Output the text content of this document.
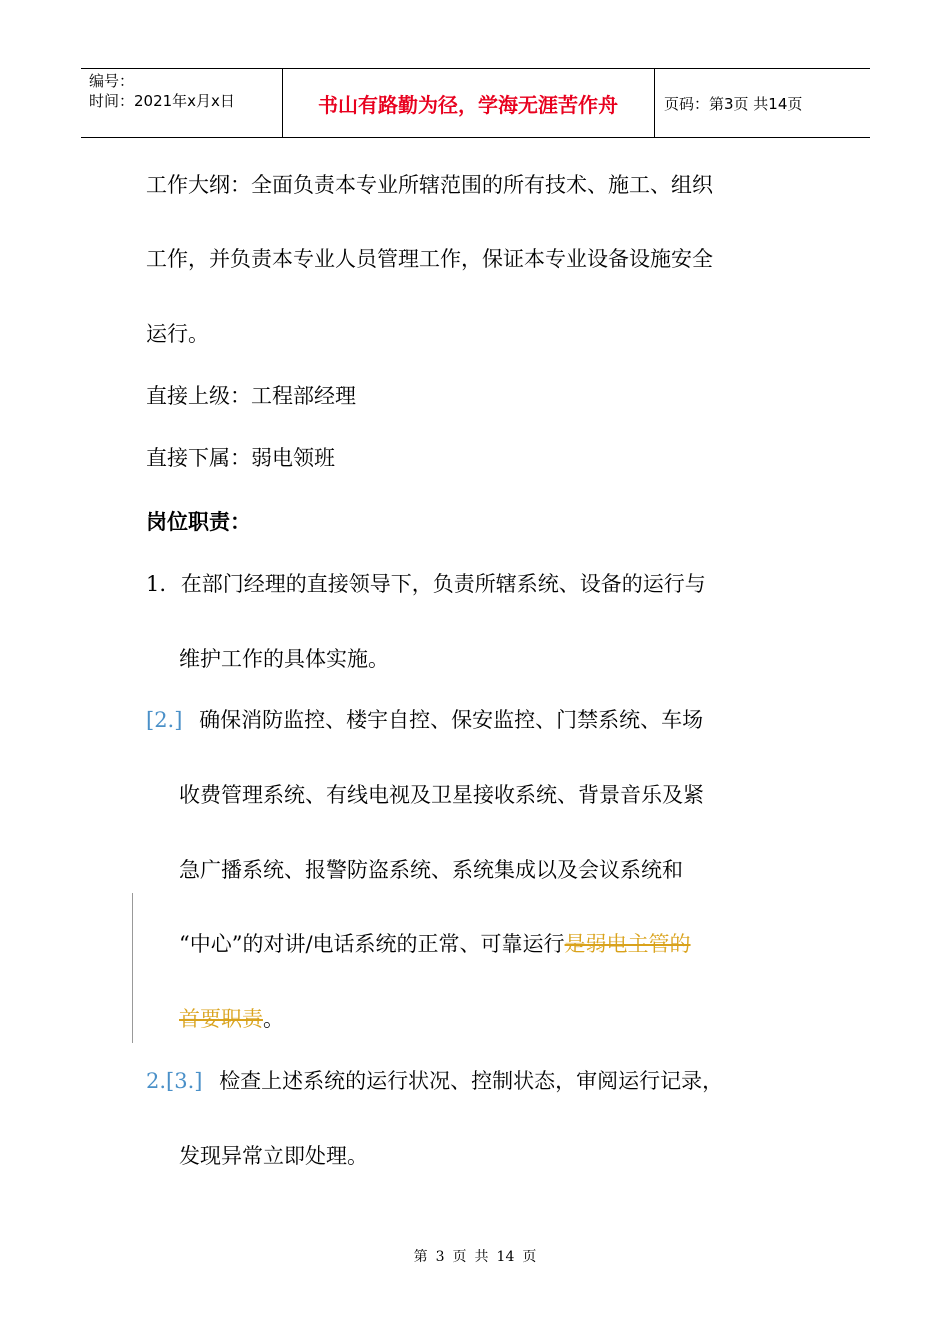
编号：
时间：2021年x月x日	书山有路勤为径，学海无涯苦作舟	页码：第3页 共14页
工作大纲：全面负责本专业所辖范围的所有技术、施工、组织
工作，并负责本专业人员管理工作，保证本专业设备设施安全
运行。
直接上级：工程部经理
直接下属：弱电领班
岗位职责：
1. 在部门经理的直接领导下，负责所辖系统、设备的运行与
维护工作的具体实施。
[2.] 确保消防监控、楼宇自控、保安监控、门禁系统、车场
收费管理系统、有线电视及卫星接收系统、背景音乐及紧
急广播系统、报警防盗系统、系统集成以及会议系统和
“中心”的对讲/电话系统的正常、可靠运行是弱电主管的
首要职责。
2.[3.] 检查上述系统的运行状况、控制状态，审阅运行记录，
发现异常立即处理。
第 3 页 共 14 页
